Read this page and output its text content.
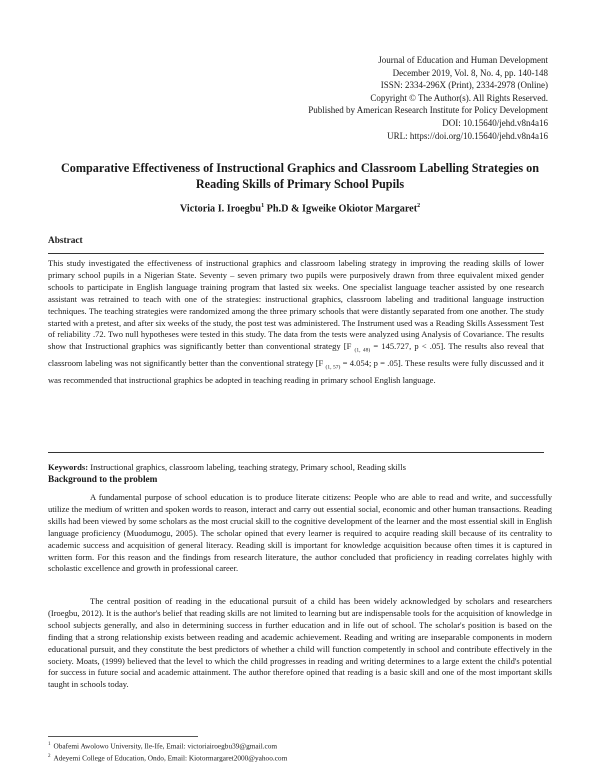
Journal of Education and Human Development
December 2019, Vol. 8, No. 4, pp. 140-148
ISSN: 2334-296X (Print), 2334-2978 (Online)
Copyright © The Author(s). All Rights Reserved.
Published by American Research Institute for Policy Development
DOI: 10.15640/jehd.v8n4a16
URL: https://doi.org/10.15640/jehd.v8n4a16
Comparative Effectiveness of Instructional Graphics and Classroom Labelling Strategies on
Reading Skills of Primary School Pupils
Victoria I. Iroegbu$^1$ Ph.D & Igweike Okiotor Margaret$^2$
Abstract
This study investigated the effectiveness of instructional graphics and classroom labeling strategy in improving the reading skills of lower primary school pupils in a Nigerian State. Seventy – seven primary two pupils were purposively drawn from three equivalent mixed gender schools to participate in English language training program that lasted six weeks. One specialist language teacher assisted by one research assistant was retrained to teach with one of the strategies: instructional graphics, classroom labeling and traditional language instruction techniques. The teaching strategies were randomized among the three primary schools that were distantly separated from one another. The study started with a pretest, and after six weeks of the study, the post test was administered. The Instrument used was a Reading Skills Assessment Test of reliability .72. Two null hypotheses were tested in this study. The data from the tests were analyzed using Analysis of Covariance. The results show that Instructional graphics was significantly better than conventional strategy [F $_{(1, 48)}$ = 145.727, p < .05]. The results also reveal that classroom labeling was not significantly better than the conventional strategy [F $_{(1, 57)}$ = 4.054; p = .05]. These results were fully discussed and it was recommended that instructional graphics be adopted in teaching reading in primary school English language.
Keywords: Instructional graphics, classroom labeling, teaching strategy, Primary school, Reading skills
Background to the problem

A fundamental purpose of school education is to produce literate citizens: People who are able to read and write, and successfully utilize the medium of written and spoken words to reason, interact and carry out essential social, economic and other human transactions. Reading skills had been viewed by some scholars as the most crucial skill to the cognitive development of the learner and the most essential skill in English language proficiency (Muodumogu, 2005). The scholar opined that every learner is required to acquire reading skill because of its centrality to academic success and acquisition of general literacy. Reading skill is important for knowledge acquisition because often times it is captured in written form. For this reason and the findings from research literature, the author concluded that proficiency in reading correlates highly with scholastic excellence and growth in professional career.

The central position of reading in the educational pursuit of a child has been widely acknowledged by scholars and researchers (Iroegbu, 2012). It is the author's belief that reading skills are not limited to learning but are indispensable tools for the acquisition of knowledge in school subjects generally, and also in determining success in further education and in life out of school. The scholar's position is based on the finding that a strong relationship exists between reading and academic achievement. Reading and writing are inseparable components in modern educational pursuit, and they constitute the best predictors of whether a child will function competently in school and contribute effectively in the society. Moats, (1999) believed that the level to which the child progresses in reading and writing determines to a large extent the child's potential for success in future social and academic attainment. The author therefore opined that reading is a basic skill and one of the most important skills taught in schools today.

$^1$ Obafemi Awolowo University, Ile-Ife, Email: victoriairoegbu39@gmail.com
$^2$ Adeyemi College of Education, Ondo, Email: Kiotormargaret2000@yahoo.com
